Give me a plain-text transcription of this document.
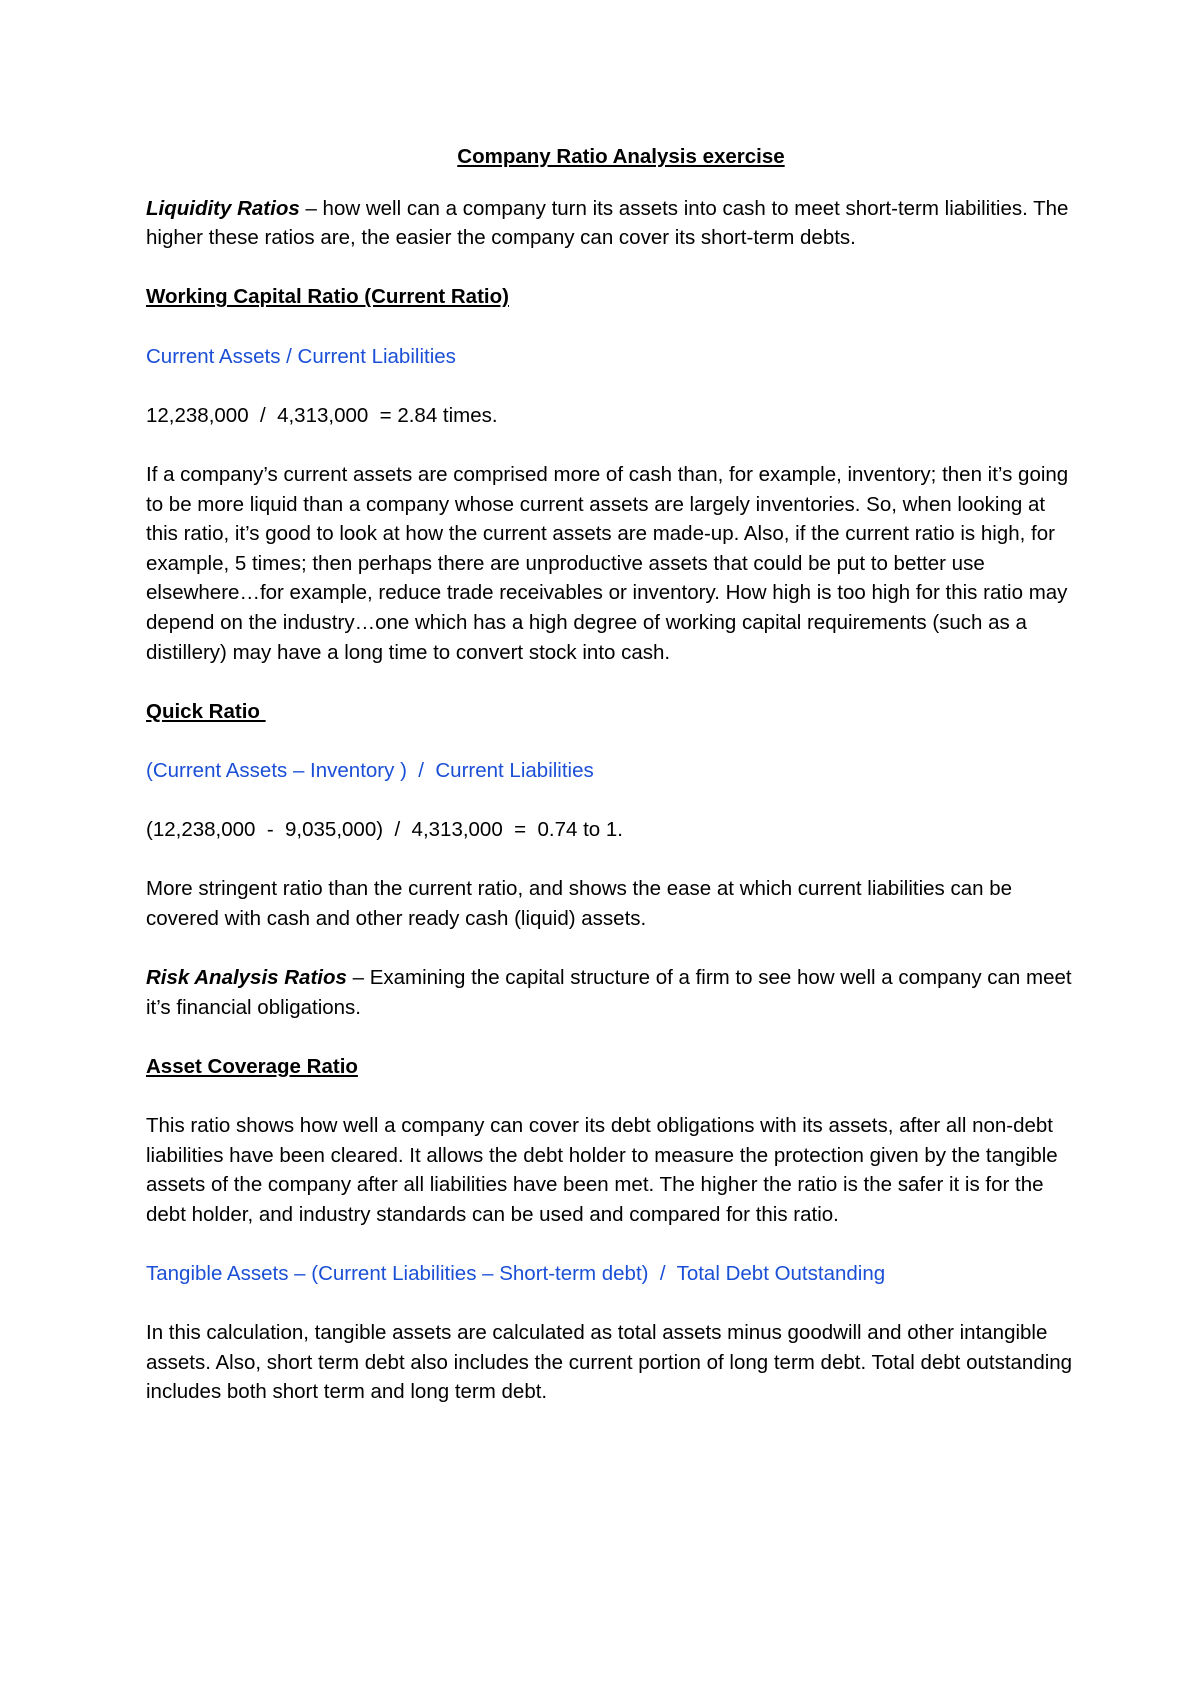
Company Ratio Analysis exercise

Liquidity Ratios – how well can a company turn its assets into cash to meet short-term liabilities. The higher these ratios are, the easier the company can cover its short-term debts.

Working Capital Ratio (Current Ratio)

Current Assets / Current Liabilities

12,238,000  /  4,313,000  = 2.84 times.

If a company’s current assets are comprised more of cash than, for example, inventory; then it’s going to be more liquid than a company whose current assets are largely inventories. So, when looking at this ratio, it’s good to look at how the current assets are made-up. Also, if the current ratio is high, for example, 5 times; then perhaps there are unproductive assets that could be put to better use elsewhere…for example, reduce trade receivables or inventory. How high is too high for this ratio may depend on the industry…one which has a high degree of working capital requirements (such as a distillery) may have a long time to convert stock into cash.

Quick Ratio

(Current Assets – Inventory )  /  Current Liabilities

(12,238,000  -  9,035,000)  /  4,313,000  =  0.74 to 1.

More stringent ratio than the current ratio, and shows the ease at which current liabilities can be covered with cash and other ready cash (liquid) assets.

Risk Analysis Ratios – Examining the capital structure of a firm to see how well a company can meet it’s financial obligations.

Asset Coverage Ratio

This ratio shows how well a company can cover its debt obligations with its assets, after all non-debt liabilities have been cleared. It allows the debt holder to measure the protection given by the tangible assets of the company after all liabilities have been met. The higher the ratio is the safer it is for the debt holder, and industry standards can be used and compared for this ratio.

Tangible Assets – (Current Liabilities – Short-term debt)  /  Total Debt Outstanding

In this calculation, tangible assets are calculated as total assets minus goodwill and other intangible assets. Also, short term debt also includes the current portion of long term debt. Total debt outstanding includes both short term and long term debt.
